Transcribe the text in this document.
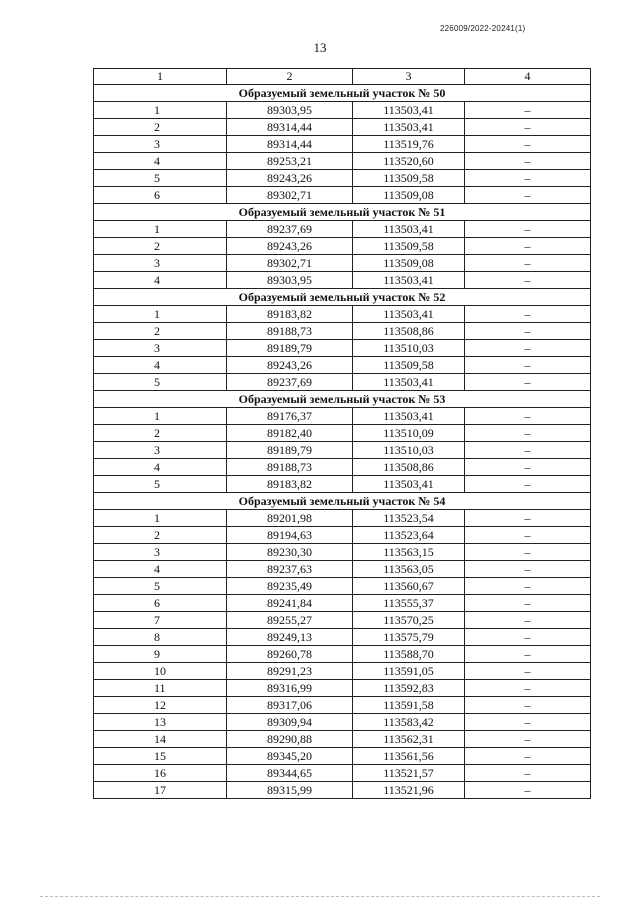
226009/2022-20241(1)
13
1	2	3	4
Образуемый земельный участок № 50			
1	89303,95	113503,41	–
2	89314,44	113503,41	–
3	89314,44	113519,76	–
4	89253,21	113520,60	–
5	89243,26	113509,58	–
6	89302,71	113509,08	–
Образуемый земельный участок № 51			
1	89237,69	113503,41	–
2	89243,26	113509,58	–
3	89302,71	113509,08	–
4	89303,95	113503,41	–
Образуемый земельный участок № 52			
1	89183,82	113503,41	–
2	89188,73	113508,86	–
3	89189,79	113510,03	–
4	89243,26	113509,58	–
5	89237,69	113503,41	–
Образуемый земельный участок № 53			
1	89176,37	113503,41	–
2	89182,40	113510,09	–
3	89189,79	113510,03	–
4	89188,73	113508,86	–
5	89183,82	113503,41	–
Образуемый земельный участок № 54			
1	89201,98	113523,54	–
2	89194,63	113523,64	–
3	89230,30	113563,15	–
4	89237,63	113563,05	–
5	89235,49	113560,67	–
6	89241,84	113555,37	–
7	89255,27	113570,25	–
8	89249,13	113575,79	–
9	89260,78	113588,70	–
10	89291,23	113591,05	–
11	89316,99	113592,83	–
12	89317,06	113591,58	–
13	89309,94	113583,42	–
14	89290,88	113562,31	–
15	89345,20	113561,56	–
16	89344,65	113521,57	–
17	89315,99	113521,96	–
